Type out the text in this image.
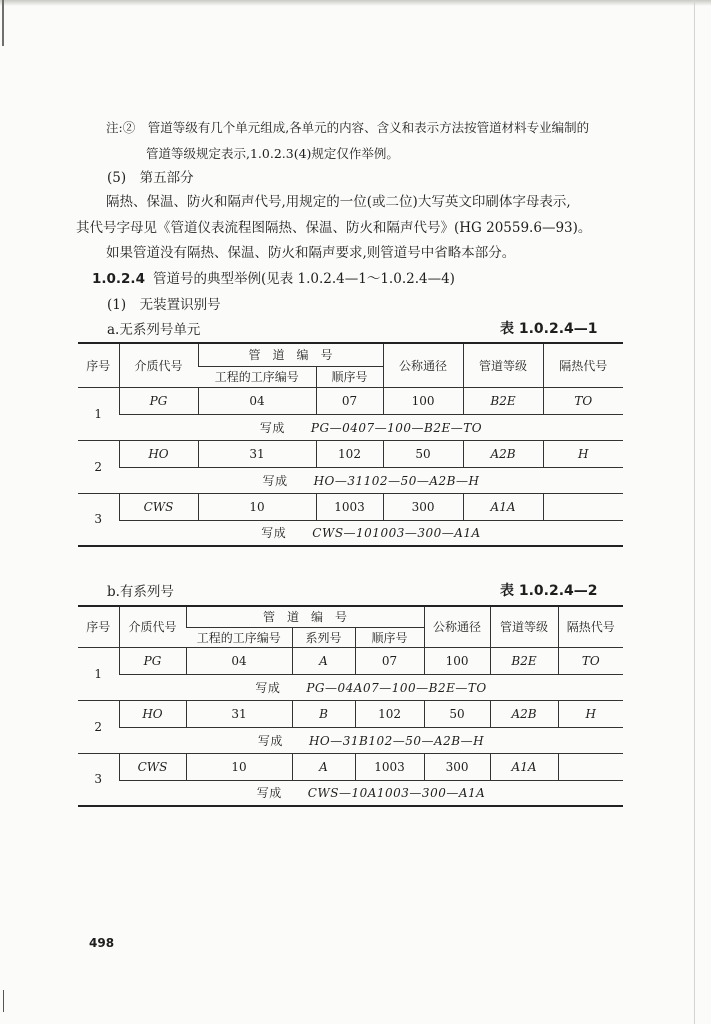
注:②　管道等级有几个单元组成,各单元的内容、含义和表示方法按管道材料专业编制的
管道等级规定表示,1.0.2.3(4)规定仅作举例。
(5)　第五部分
隔热、保温、防火和隔声代号,用规定的一位(或二位)大写英文印刷体字母表示,
其代号字母见《管道仪表流程图隔热、保温、防火和隔声代号》(HG 20559.6—93)。
如果管道没有隔热、保温、防火和隔声要求,则管道号中省略本部分。
1.0.2.4 管道号的典型举例(见表 1.0.2.4—1～1.0.2.4—4)
(1)　无装置识别号
a.无系列号单元	表 1.0.2.4—1
序号	介质代号	管　道　编　号		公称通径	管道等级	隔热代号
		工程的工序编号	顺序号			
1	PG	04	07	100	B2E	TO
	写成 PG—0407—100—B2E—TO					
2	HO	31	102	50	A2B	H
	写成 HO—31102—50—A2B—H					
3	CWS	10	1003	300	A1A	
	写成 CWS—101003—300—A1A					
b.有系列号	表 1.0.2.4—2
序号	介质代号	管　道　编　号			公称通径	管道等级	隔热代号
		工程的工序编号	系列号	顺序号			
1	PG	04	A	07	100	B2E	TO
	写成 PG—04A07—100—B2E—TO						
2	HO	31	B	102	50	A2B	H
	写成 HO—31B102—50—A2B—H						
3	CWS	10	A	1003	300	A1A	
	写成 CWS—10A1003—300—A1A						
498
